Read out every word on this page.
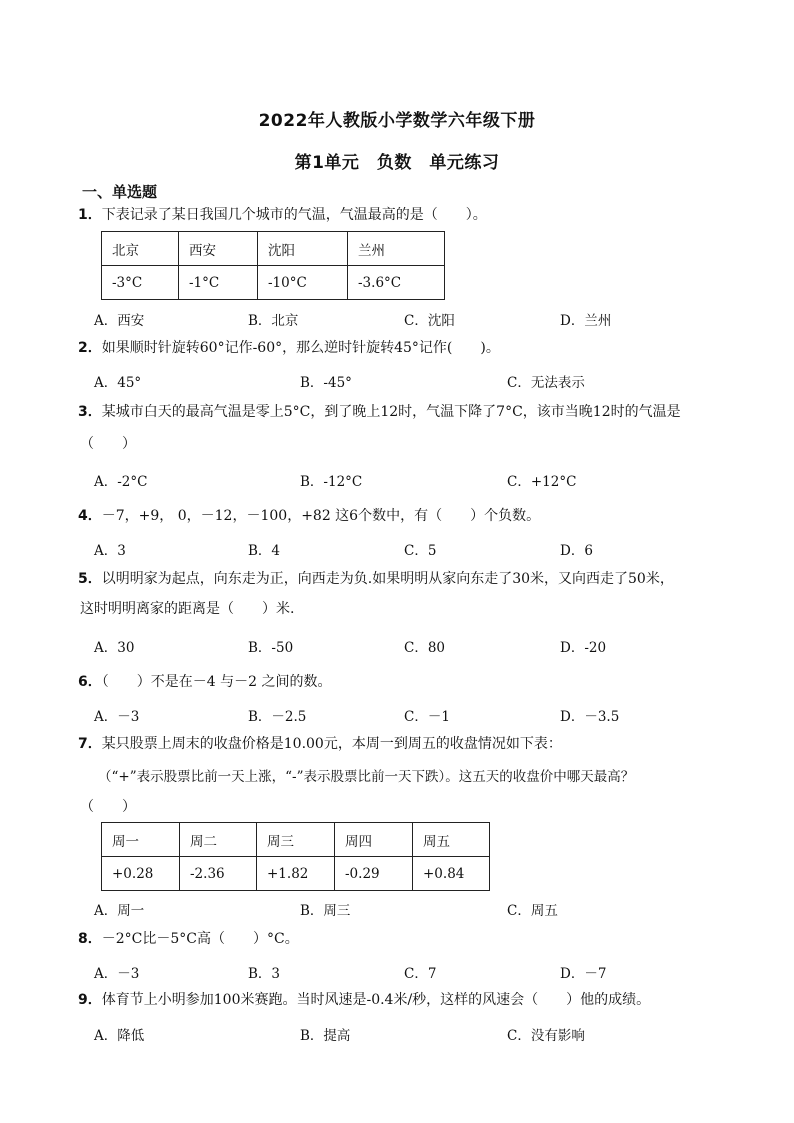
2022年人教版小学数学六年级下册
第1单元　负数　单元练习
一、单选题
1．下表记录了某日我国几个城市的气温，气温最高的是（　　）。
北京	西安	沈阳	兰州
-3°C	-1°C	-10°C	-3.6°C
A．西安	B．北京	C．沈阳	D．兰州
2．如果顺时针旋转60°记作-60°，那么逆时针旋转45°记作(　　)。
A．45°	B．-45°	C．无法表示
3．某城市白天的最高气温是零上5°C，到了晚上12时，气温下降了7°C，该市当晚12时的气温是
（　　）
A．-2°C	B．-12°C	C．+12°C
4．－7，+9， 0，－12，－100，+82 这6个数中，有（　　）个负数。
A．3	B．4	C．5	D．6
5．以明明家为起点，向东走为正，向西走为负.如果明明从家向东走了30米，又向西走了50米，
这时明明离家的距离是（　　）米.
A．30	B．-50	C．80	D．-20
6．（　　）不是在－4 与－2 之间的数。
A．－3	B．－2.5	C．－1	D．－3.5
7．某只股票上周末的收盘价格是10.00元，本周一到周五的收盘情况如下表：
（“+”表示股票比前一天上涨，“-”表示股票比前一天下跌）。这五天的收盘价中哪天最高？
（　　）
周一	周二	周三	周四	周五
+0.28	-2.36	+1.82	-0.29	+0.84
A．周一	B．周三	C．周五
8．－2°C比－5°C高（　　）°C。
A．－3	B．3	C．7	D．－7
9．体育节上小明参加100米赛跑。当时风速是-0.4米/秒，这样的风速会（　　）他的成绩。
A．降低	B．提高	C．没有影响
